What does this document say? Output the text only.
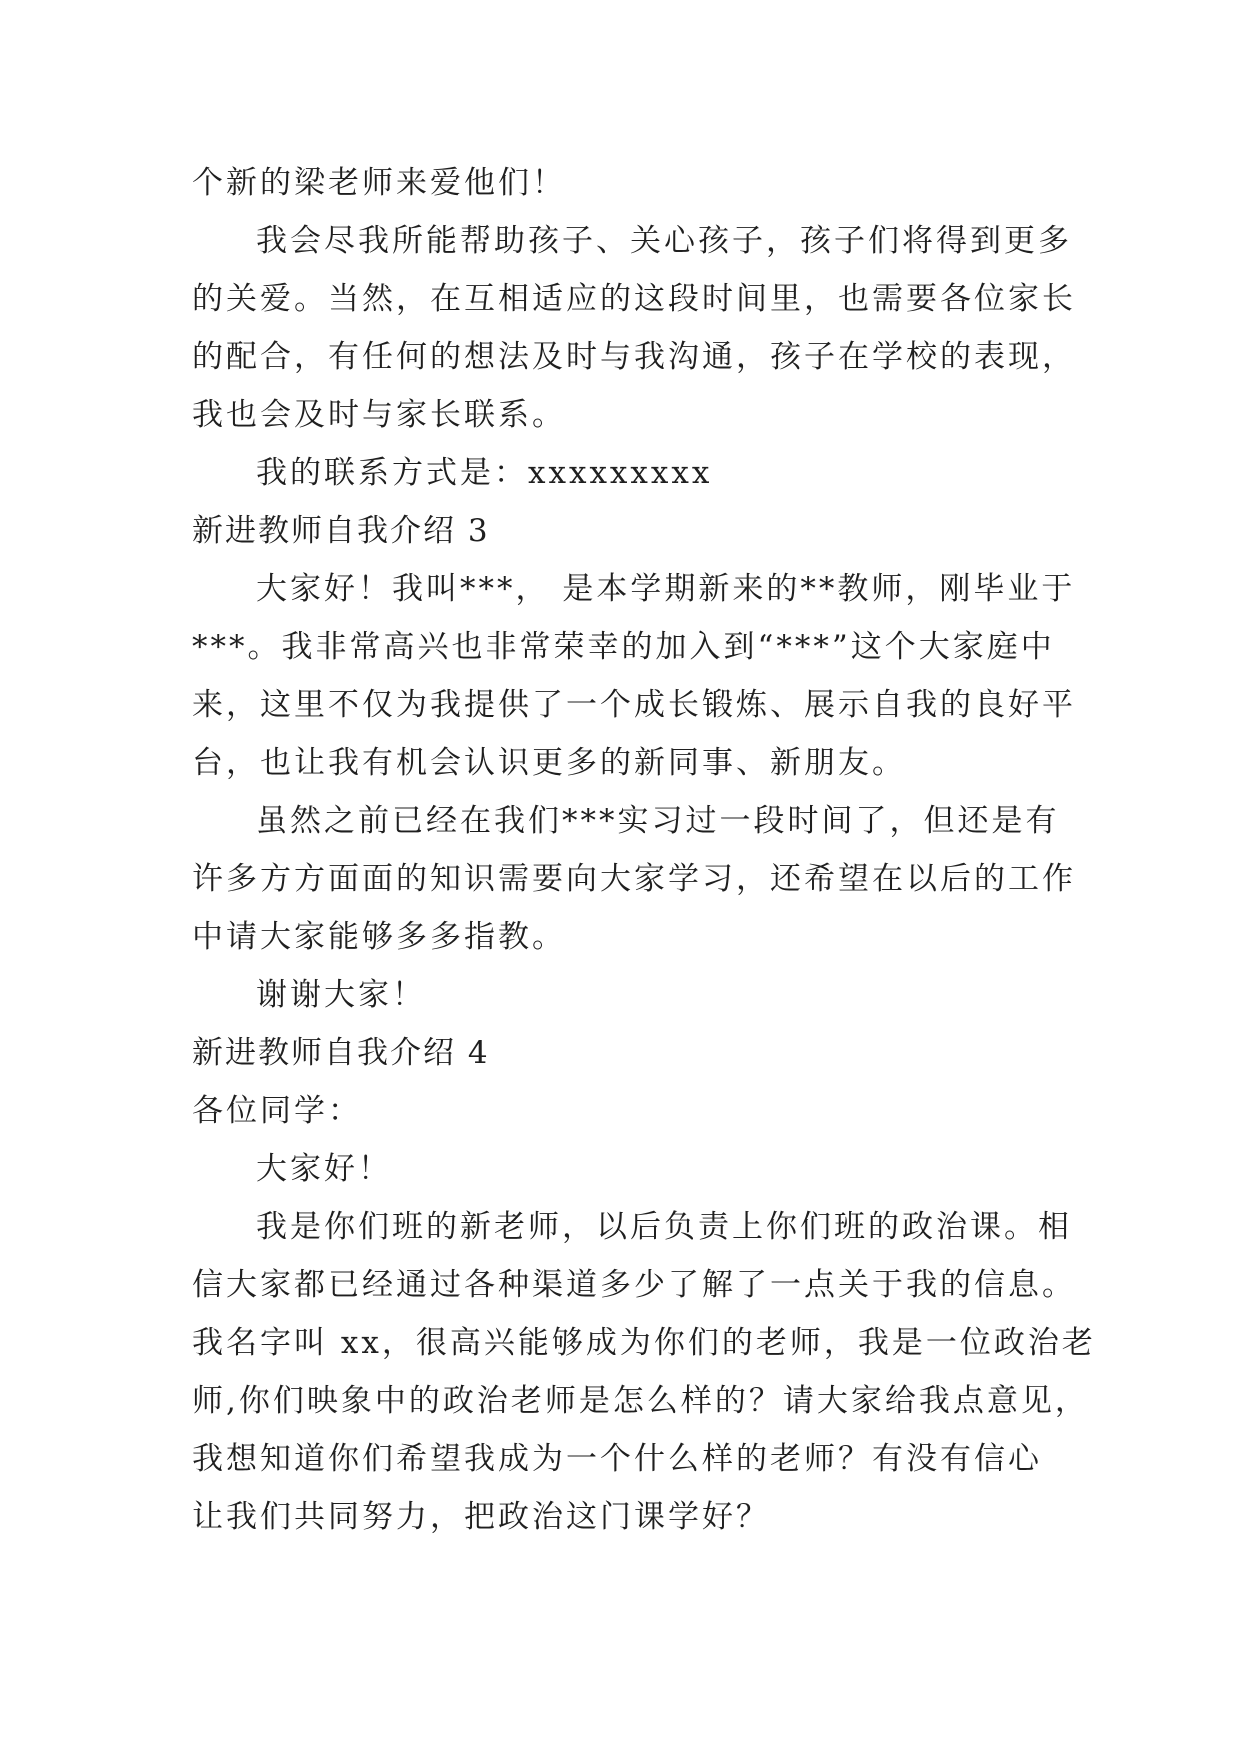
个新的梁老师来爱他们！
我会尽我所能帮助孩子、关心孩子，孩子们将得到更多
的关爱。当然，在互相适应的这段时间里，也需要各位家长
的配合，有任何的想法及时与我沟通，孩子在学校的表现，
我也会及时与家长联系。
我的联系方式是：xxxxxxxxx
新进教师自我介绍 3
大家好！我叫***， 是本学期新来的**教师，刚毕业于
***。我非常高兴也非常荣幸的加入到“***”这个大家庭中
来，这里不仅为我提供了一个成长锻炼、展示自我的良好平
台，也让我有机会认识更多的新同事、新朋友。
虽然之前已经在我们***实习过一段时间了，但还是有
许多方方面面的知识需要向大家学习，还希望在以后的工作
中请大家能够多多指教。
谢谢大家！
新进教师自我介绍 4
各位同学：
大家好！
我是你们班的新老师，以后负责上你们班的政治课。相
信大家都已经通过各种渠道多少了解了一点关于我的信息。
我名字叫 xx，很高兴能够成为你们的老师，我是一位政治老
师,你们映象中的政治老师是怎么样的？请大家给我点意见，
我想知道你们希望我成为一个什么样的老师？有没有信心
让我们共同努力，把政治这门课学好？
